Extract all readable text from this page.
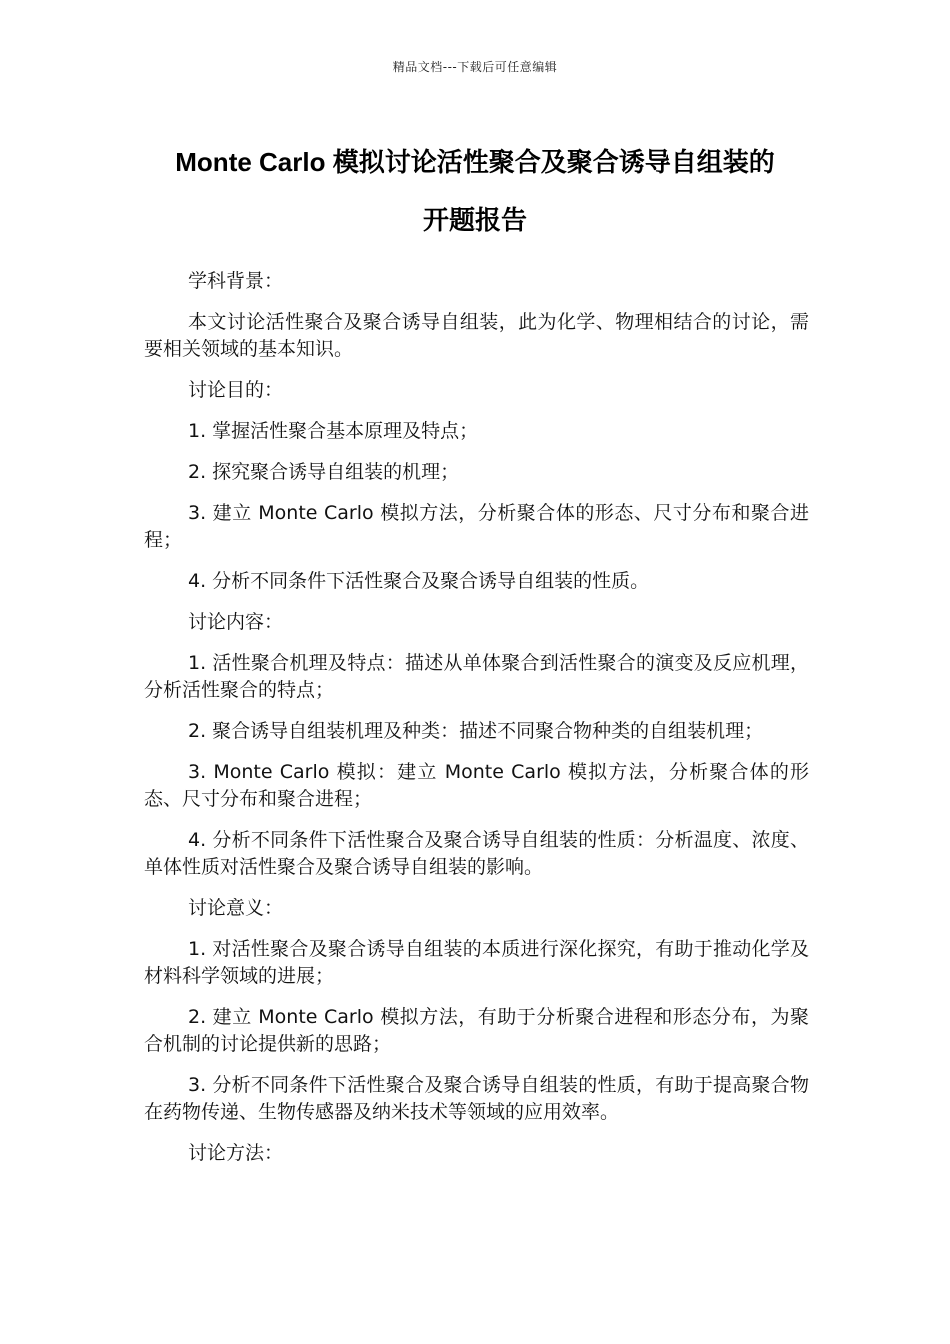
精品文档---下载后可任意编辑
Monte Carlo 模拟讨论活性聚合及聚合诱导自组装的
开题报告

学科背景：

本文讨论活性聚合及聚合诱导自组装，此为化学、物理相结合的讨论，需要相关领域的基本知识。

讨论目的：

1. 掌握活性聚合基本原理及特点；

2. 探究聚合诱导自组装的机理；

3. 建立 Monte Carlo 模拟方法，分析聚合体的形态、尺寸分布和聚合进程；

4. 分析不同条件下活性聚合及聚合诱导自组装的性质。

讨论内容：

1. 活性聚合机理及特点：描述从单体聚合到活性聚合的演变及反应机理，分析活性聚合的特点；

2. 聚合诱导自组装机理及种类：描述不同聚合物种类的自组装机理；

3. Monte Carlo 模拟：建立 Monte Carlo 模拟方法，分析聚合体的形态、尺寸分布和聚合进程；

4. 分析不同条件下活性聚合及聚合诱导自组装的性质：分析温度、浓度、单体性质对活性聚合及聚合诱导自组装的影响。

讨论意义：

1. 对活性聚合及聚合诱导自组装的本质进行深化探究，有助于推动化学及材料科学领域的进展；

2. 建立 Monte Carlo 模拟方法，有助于分析聚合进程和形态分布，为聚合机制的讨论提供新的思路；

3. 分析不同条件下活性聚合及聚合诱导自组装的性质，有助于提高聚合物在药物传递、生物传感器及纳米技术等领域的应用效率。

讨论方法：
